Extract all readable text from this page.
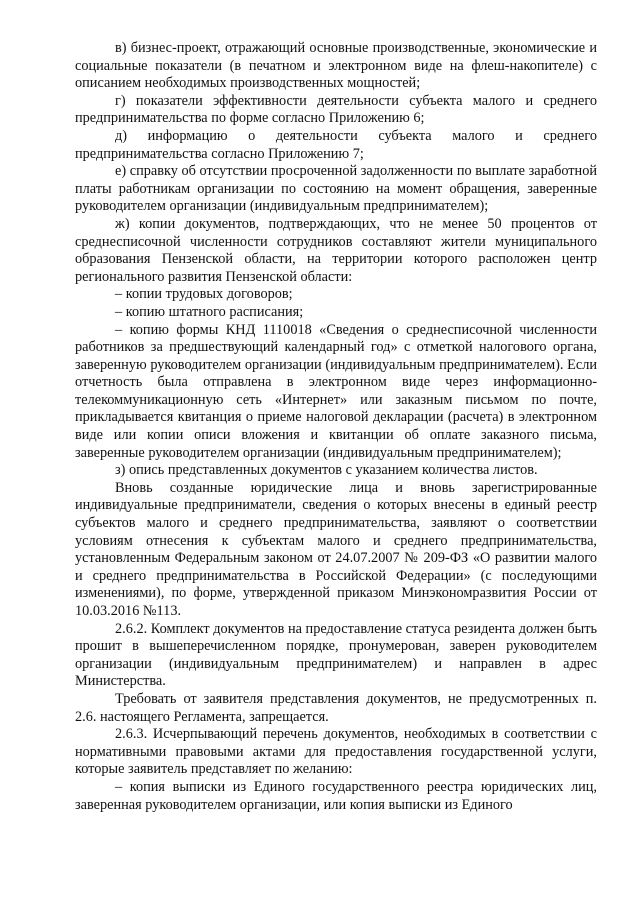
в) бизнес-проект, отражающий основные производственные, экономические и социальные показатели (в печатном и электронном виде на флеш-накопителе) с описанием необходимых производственных мощностей;

г) показатели эффективности деятельности субъекта малого и среднего предпринимательства по форме согласно Приложению 6;

д) информацию о деятельности субъекта малого и среднего предпринимательства согласно Приложению 7;

е) справку об отсутствии просроченной задолженности по выплате заработной платы работникам организации по состоянию на момент обращения, заверенные руководителем организации (индивидуальным предпринимателем);

ж) копии документов, подтверждающих, что не менее 50 процентов от среднесписочной численности сотрудников составляют жители муниципального образования Пензенской области, на территории которого расположен центр регионального развития Пензенской области:

– копии трудовых договоров;

– копию штатного расписания;

– копию формы КНД 1110018 «Сведения о среднесписочной численности работников за предшествующий календарный год» с отметкой налогового органа, заверенную руководителем организации (индивидуальным предпринимателем). Если отчетность была отправлена в электронном виде через информационно-телекоммуникационную сеть «Интернет» или заказным письмом по почте, прикладывается квитанция о приеме налоговой декларации (расчета) в электронном виде или копии описи вложения и квитанции об оплате заказного письма, заверенные руководителем организации (индивидуальным предпринимателем);

з) опись представленных документов с указанием количества листов.

Вновь созданные юридические лица и вновь зарегистрированные индивидуальные предприниматели, сведения о которых внесены в единый реестр субъектов малого и среднего предпринимательства, заявляют о соответствии условиям отнесения к субъектам малого и среднего предпринимательства, установленным Федеральным законом от 24.07.2007 № 209-ФЗ «О развитии малого и среднего предпринимательства в Российской Федерации» (с последующими изменениями), по форме, утвержденной приказом Минэкономразвития России от 10.03.2016 №113.

2.6.2. Комплект документов на предоставление статуса резидента должен быть прошит в вышеперечисленном порядке, пронумерован, заверен руководителем организации (индивидуальным предпринимателем) и направлен в адрес Министерства.

Требовать от заявителя представления документов, не предусмотренных п. 2.6. настоящего Регламента, запрещается.

2.6.3. Исчерпывающий перечень документов, необходимых в соответствии с нормативными правовыми актами для предоставления государственной услуги, которые заявитель представляет по желанию:

– копия выписки из Единого государственного реестра юридических лиц, заверенная руководителем организации, или копия выписки из Единого
